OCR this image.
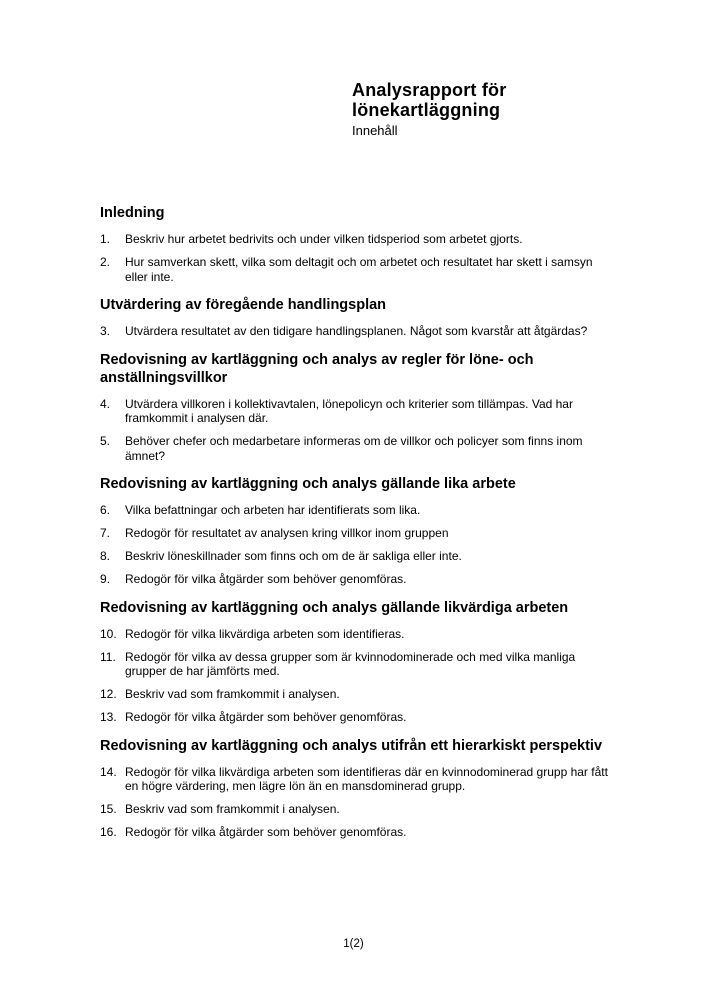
Analysrapport för
lönekartläggning
Innehåll
Inledning
1.	Beskriv hur arbetet bedrivits och under vilken tidsperiod som arbetet gjorts.
2.	Hur samverkan skett, vilka som deltagit och om arbetet och resultatet har skett i samsyn eller inte.
Utvärdering av föregående handlingsplan
3.	Utvärdera resultatet av den tidigare handlingsplanen. Något som kvarstår att åtgärdas?
Redovisning av kartläggning och analys av regler för löne- och anställningsvillkor
4.	Utvärdera villkoren i kollektivavtalen, lönepolicyn och kriterier som tillämpas. Vad har framkommit i analysen där.
5.	Behöver chefer och medarbetare informeras om de villkor och policyer som finns inom ämnet?
Redovisning av kartläggning och analys gällande lika arbete
6.	Vilka befattningar och arbeten har identifierats som lika.
7.	Redogör för resultatet av analysen kring villkor inom gruppen
8.	Beskriv löneskillnader som finns och om de är sakliga eller inte.
9.	Redogör för vilka åtgärder som behöver genomföras.
Redovisning av kartläggning och analys gällande likvärdiga arbeten
10. Redogör för vilka likvärdiga arbeten som identifieras.
11. Redogör för vilka av dessa grupper som är kvinnodominerade och med vilka manliga grupper de har jämförts med.
12. Beskriv vad som framkommit i analysen.
13. Redogör för vilka åtgärder som behöver genomföras.
Redovisning av kartläggning och analys utifrån ett hierarkiskt perspektiv
14. Redogör för vilka likvärdiga arbeten som identifieras där en kvinnodominerad grupp har fått en högre värdering, men lägre lön än en mansdominerad grupp.
15. Beskriv vad som framkommit i analysen.
16. Redogör för vilka åtgärder som behöver genomföras.
1(2)
